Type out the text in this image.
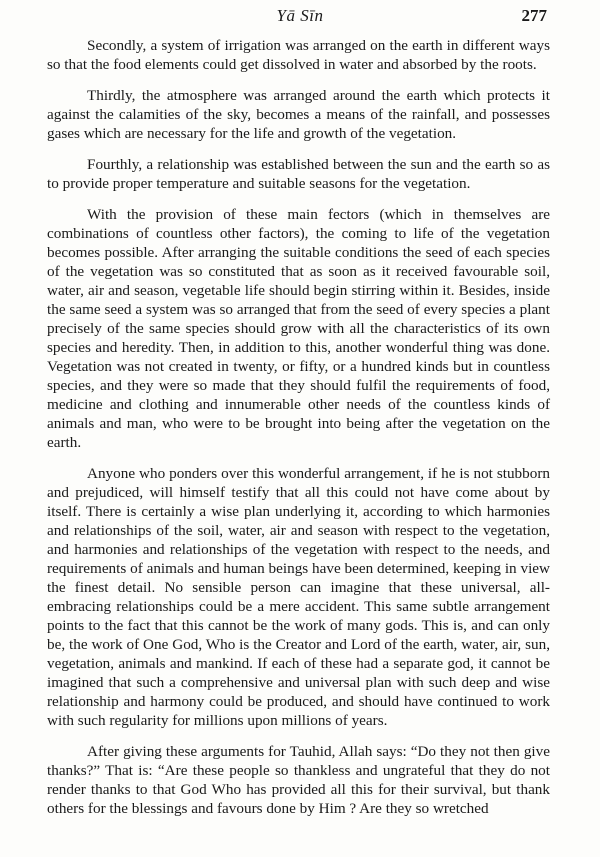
Yā Sīn	277

Secondly, a system of irrigation was arranged on the earth in different ways so that the food elements could get dissolved in water and absorbed by the roots.

Thirdly, the atmosphere was arranged around the earth which protects it against the calamities of the sky, becomes a means of the rainfall, and possesses gases which are necessary for the life and growth of the vegetation.

Fourthly, a relationship was established between the sun and the earth so as to provide proper temperature and suitable seasons for the vegetation.

With the provision of these main fectors (which in themselves are combinations of countless other factors), the coming to life of the vegetation becomes possible. After arranging the suitable conditions the seed of each species of the vegetation was so constituted that as soon as it received favourable soil, water, air and season, vegetable life should begin stirring within it. Besides, inside the same seed a system was so arranged that from the seed of every species a plant precisely of the same species should grow with all the characteristics of its own species and heredity. Then, in addition to this, another wonderful thing was done. Vegetation was not created in twenty, or fifty, or a hundred kinds but in countless species, and they were so made that they should fulfil the requirements of food, medicine and clothing and innumerable other needs of the countless kinds of animals and man, who were to be brought into being after the vegetation on the earth.

Anyone who ponders over this wonderful arrangement, if he is not stubborn and prejudiced, will himself testify that all this could not have come about by itself. There is certainly a wise plan underlying it, according to which harmonies and relationships of the soil, water, air and season with respect to the vegetation, and harmonies and relationships of the vegetation with respect to the needs, and requirements of animals and human beings have been determined, keeping in view the finest detail. No sensible person can imagine that these universal, all-embracing relationships could be a mere accident. This same subtle arrangement points to the fact that this cannot be the work of many gods. This is, and can only be, the work of One God, Who is the Creator and Lord of the earth, water, air, sun, vegetation, animals and mankind. If each of these had a separate god, it cannot be imagined that such a comprehensive and universal plan with such deep and wise relationship and harmony could be produced, and should have continued to work with such regularity for millions upon millions of years.

After giving these arguments for Tauhid, Allah says: “Do they not then give thanks?” That is: “Are these people so thankless and ungrateful that they do not render thanks to that God Who has provided all this for their survival, but thank others for the blessings and favours done by Him ? Are they so wretched
